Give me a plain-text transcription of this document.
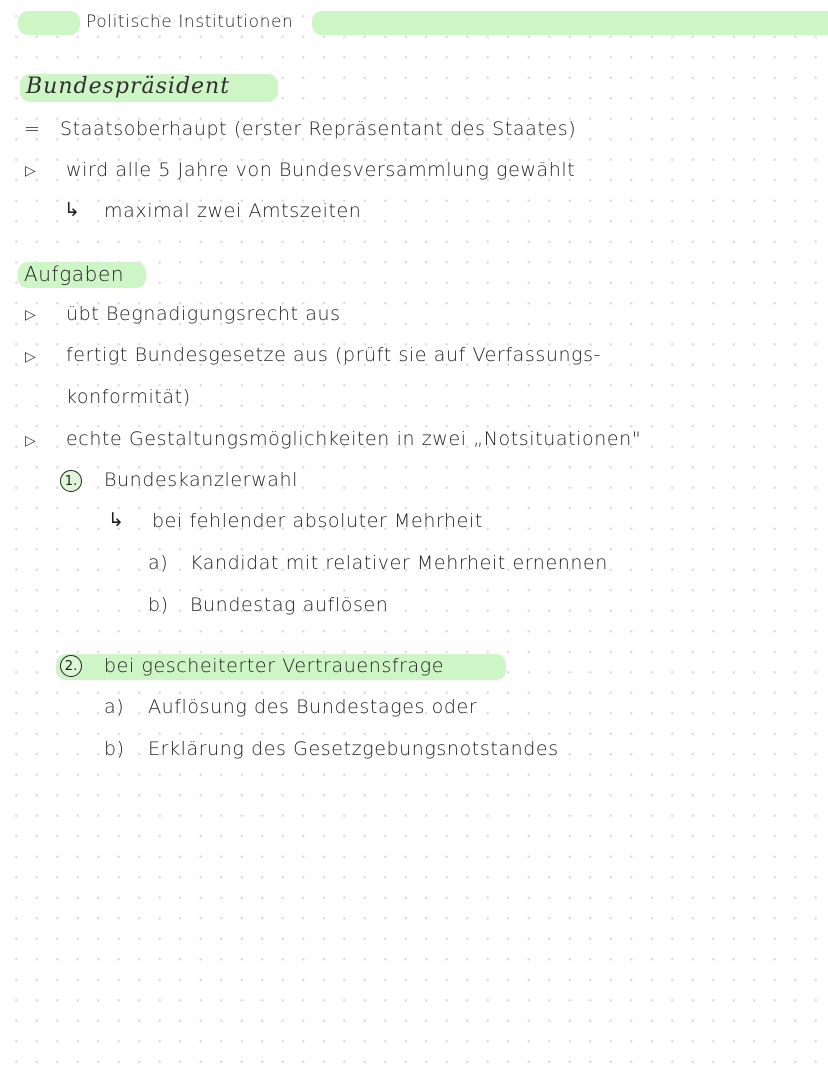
Politische Institutionen
Bundespräsident
= Staatsoberhaupt (erster Repräsentant des Staates)
▷ wird alle 5 Jahre von Bundesversammlung gewählt
↳ maximal zwei Amtszeiten
Aufgaben
▷ übt Begnadigungsrecht aus
▷ fertigt Bundesgesetze aus (prüft sie auf Verfassungs-
konformität)
▷ echte Gestaltungsmöglichkeiten in zwei „Notsituationen"
1. Bundeskanzlerwahl
↳ bei fehlender absoluter Mehrheit
a) Kandidat mit relativer Mehrheit ernennen
b) Bundestag auflösen
2. bei gescheiterter Vertrauensfrage
a) Auflösung des Bundestages oder
b) Erklärung des Gesetzgebungsnotstandes
